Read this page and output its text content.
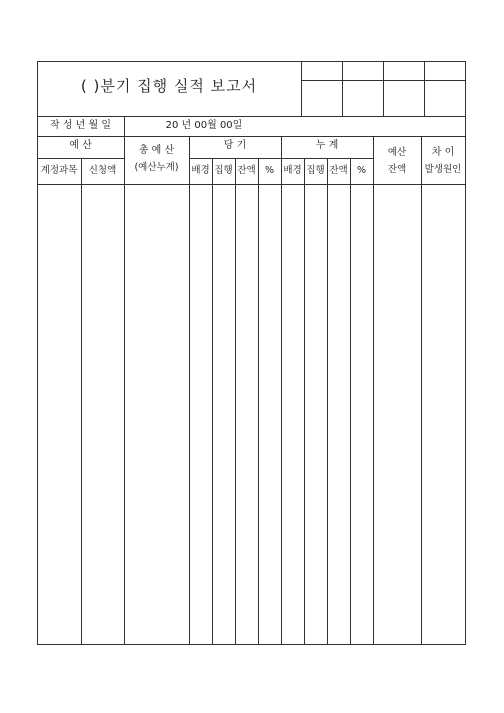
( )분기 집행 실적 보고서
작 성 년 월 일	20 년 00월 00일
예 산
계정과목	신청액
총 예 산
(예산누계)
당 기
배경 집행 잔액 %
누 계
배경 집행 잔액 %
예산
잔액
차 이
발생원인
